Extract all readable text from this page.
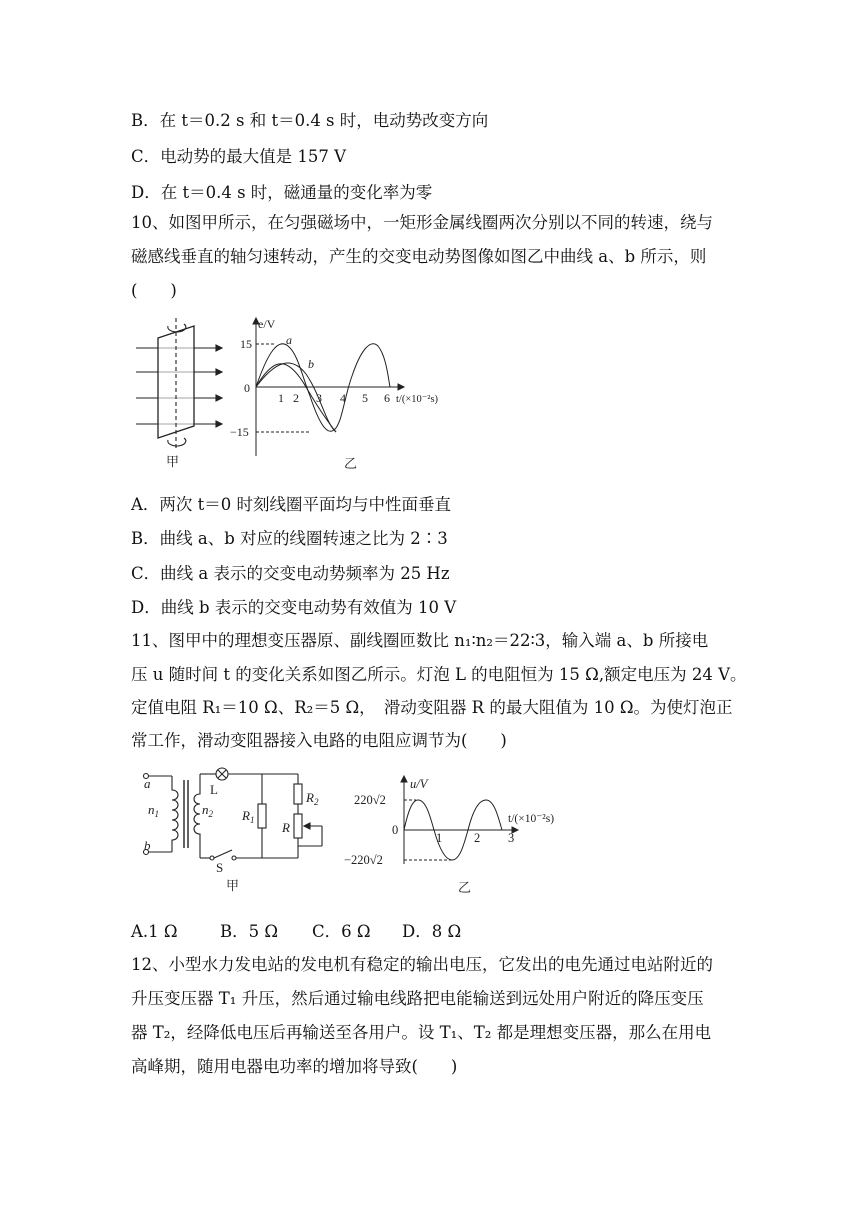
B．在 t＝0.2 s 和 t＝0.4 s 时，电动势改变方向
C．电动势的最大值是 157 V
D．在 t＝0.4 s 时，磁通量的变化率为零
10、如图甲所示，在匀强磁场中，一矩形金属线圈两次分别以不同的转速，绕与
磁感线垂直的轴匀速转动，产生的交变电动势图像如图乙中曲线 a、b 所示，则
(　　)
甲
e/V
15
0
−15
1 2 3 4 5 6 t/(×10⁻²s)
a
b
乙
A．两次 t＝0 时刻线圈平面均与中性面垂直
B．曲线 a、b 对应的线圈转速之比为 2∶3
C．曲线 a 表示的交变电动势频率为 25 Hz
D．曲线 b 表示的交变电动势有效值为 10 V
11、图甲中的理想变压器原、副线圈匝数比 n₁∶n₂＝22∶3，输入端 a、b 所接电
压 u 随时间 t 的变化关系如图乙所示。灯泡 L 的电阻恒为 15 Ω,额定电压为 24 V。
定值电阻 R₁＝10 Ω、R₂＝5 Ω，　滑动变阻器 R 的最大阻值为 10 Ω。为使灯泡正
常工作，滑动变阻器接入电路的电阻应调节为(　　)
a
b
$n_1$	$n_2$
L
$R_1$
$R_2$
R
S
甲
u/V
220√2
0
−220√2
1	2 3
t/(×10⁻²s)
乙
A.1 Ω	B．5 Ω C．6 Ω D．8 Ω
12、小型水力发电站的发电机有稳定的输出电压，它发出的电先通过电站附近的
升压变压器 T₁ 升压，然后通过输电线路把电能输送到远处用户附近的降压变压
器 T₂，经降低电压后再输送至各用户。设 T₁、T₂ 都是理想变压器，那么在用电
高峰期，随用电器电功率的增加将导致(　　)
